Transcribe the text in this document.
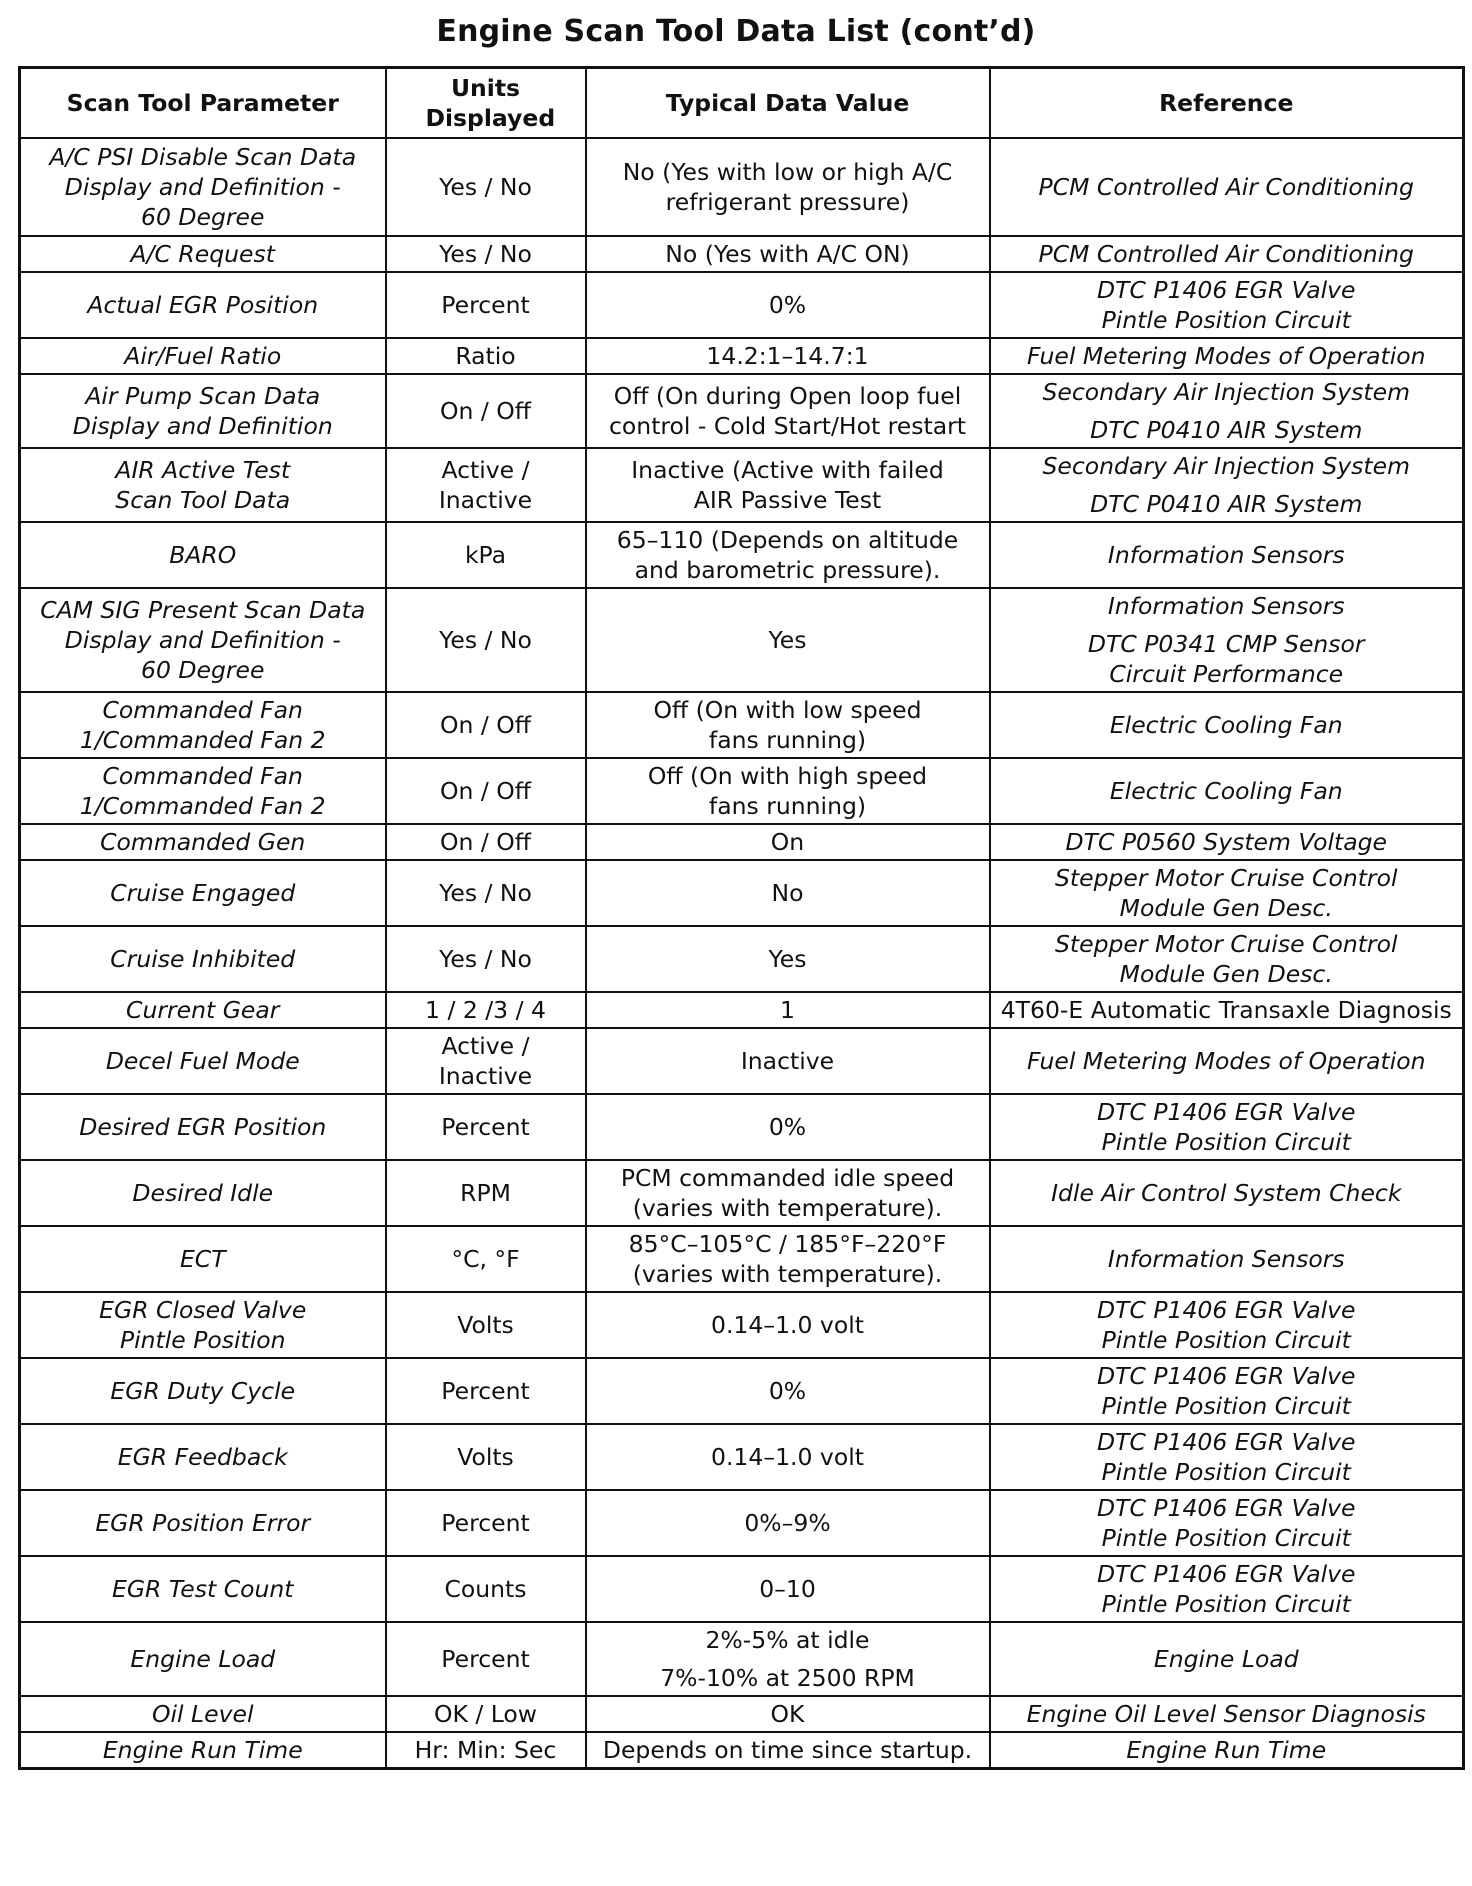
Engine Scan Tool Data List (cont’d)
Scan Tool Parameter	Units Displayed	Typical Data Value	Reference

A/C PSI Disable Scan Data
Display and Definition -
60 Degree	Yes / No	No (Yes with low or high A/C
refrigerant pressure)	PCM Controlled Air Conditioning

A/C Request	Yes / No	No (Yes with A/C ON)	PCM Controlled Air Conditioning

Actual EGR Position	Percent	0%	DTC P1406 EGR Valve
Pintle Position Circuit

Air/Fuel Ratio	Ratio	14.2:1–14.7:1	Fuel Metering Modes of Operation

Air Pump Scan Data
Display and Definition	On / Off	Off (On during Open loop fuel
control - Cold Start/Hot restart	Secondary Air Injection System
DTC P0410 AIR System

AIR Active Test
Scan Tool Data	Active / Inactive	Inactive (Active with failed
AIR Passive Test	Secondary Air Injection System
DTC P0410 AIR System

BARO	kPa	65–110 (Depends on altitude
and barometric pressure).	Information Sensors

CAM SIG Present Scan Data
Display and Definition -
60 Degree	Yes / No	Yes	Information Sensors
DTC P0341 CMP Sensor
Circuit Performance

Commanded Fan
1/Commanded Fan 2	On / Off	Off (On with low speed
fans running)	Electric Cooling Fan

Commanded Fan
1/Commanded Fan 2	On / Off	Off (On with high speed
fans running)	Electric Cooling Fan

Commanded Gen	On / Off	On	DTC P0560 System Voltage

Cruise Engaged	Yes / No	No	Stepper Motor Cruise Control
Module Gen Desc.

Cruise Inhibited	Yes / No	Yes	Stepper Motor Cruise Control
Module Gen Desc.

Current Gear	1 / 2 /3 / 4	1	4T60-E Automatic Transaxle Diagnosis

Decel Fuel Mode	Active / Inactive	Inactive	Fuel Metering Modes of Operation

Desired EGR Position	Percent	0%	DTC P1406 EGR Valve
Pintle Position Circuit

Desired Idle	RPM	PCM commanded idle speed
(varies with temperature).	Idle Air Control System Check

ECT	°C, °F	85°C–105°C / 185°F–220°F
(varies with temperature).	Information Sensors

EGR Closed Valve
Pintle Position	Volts	0.14–1.0 volt	DTC P1406 EGR Valve
Pintle Position Circuit

EGR Duty Cycle	Percent	0%	DTC P1406 EGR Valve
Pintle Position Circuit

EGR Feedback	Volts	0.14–1.0 volt	DTC P1406 EGR Valve
Pintle Position Circuit

EGR Position Error	Percent	0%–9%	DTC P1406 EGR Valve
Pintle Position Circuit

EGR Test Count	Counts	0–10	DTC P1406 EGR Valve
Pintle Position Circuit

Engine Load	Percent	2%-5% at idle
7%-10% at 2500 RPM	Engine Load

Oil Level	OK / Low	OK	Engine Oil Level Sensor Diagnosis

Engine Run Time	Hr: Min: Sec	Depends on time since startup.	Engine Run Time
